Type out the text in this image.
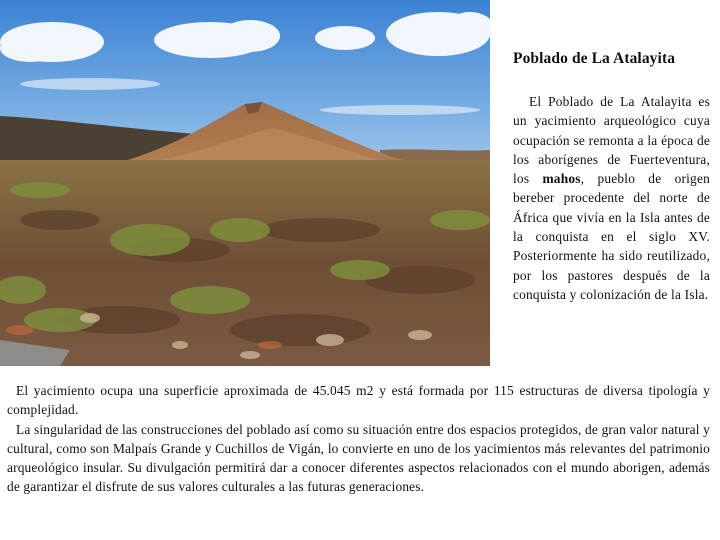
Poblado de La Atalayita

El Poblado de La Atalayita es un yacimiento arqueológico cuya ocupación se remonta a la época de los aborígenes de Fuerteventura, los mahos, pueblo de origen bereber procedente del norte de África que vivía en la Isla antes de la conquista en el siglo XV. Posteriormente ha sido reutilizado, por los pastores después de la conquista y colonización de la Isla.

El yacimiento ocupa una superficie aproximada de 45.045 m2 y está formada por 115 estructuras de diversa tipología y complejidad.

La singularidad de las construcciones del poblado así como su situación entre dos espacios protegidos, de gran valor natural y cultural, como son Malpaís Grande y Cuchillos de Vigán, lo convierte en uno de los yacimientos más relevantes del patrimonio arqueológico insular. Su divulgación permitirá dar a conocer diferentes aspectos relacionados con el mundo aborigen, además de garantizar el disfrute de sus valores culturales a las futuras generaciones.
